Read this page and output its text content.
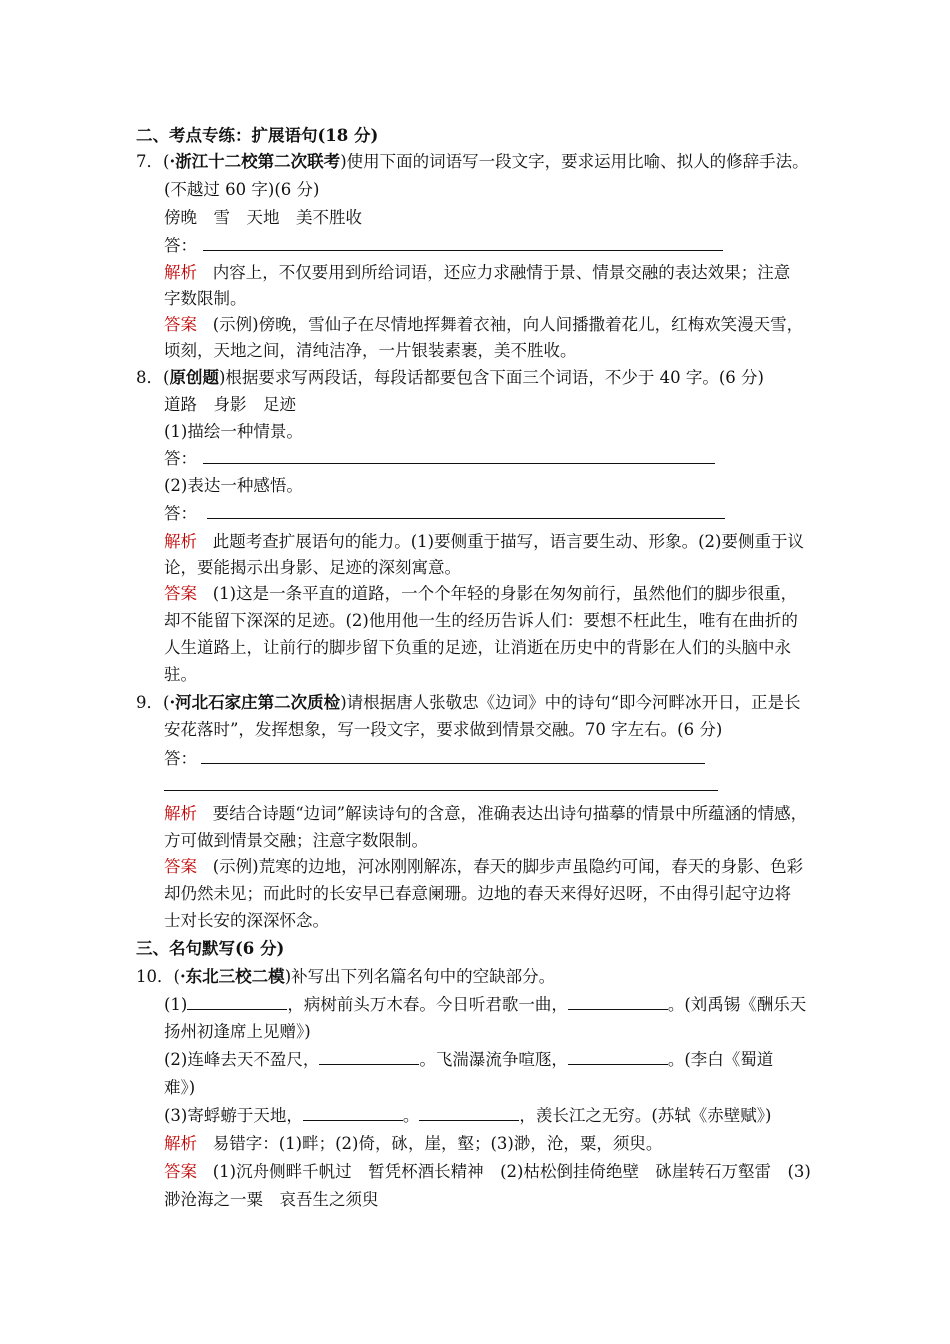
二、考点专练：扩展语句(18 分)
7．(·浙江十二校第二次联考)使用下面的词语写一段文字，要求运用比喻、拟人的修辞手法。
(不越过 60 字)(6 分)
傍晚　雪　天地　美不胜收
答：
解析 内容上，不仅要用到所给词语，还应力求融情于景、情景交融的表达效果；注意
字数限制。
答案 (示例)傍晚，雪仙子在尽情地挥舞着衣袖，向人间播撒着花儿，红梅欢笑漫天雪，
顷刻，天地之间，清纯洁净，一片银装素裹，美不胜收。
8．(原创题)根据要求写两段话，每段话都要包含下面三个词语，不少于 40 字。(6 分)
道路　身影　足迹
(1)描绘一种情景。
答：
(2)表达一种感悟。
答：
解析 此题考查扩展语句的能力。(1)要侧重于描写，语言要生动、形象。(2)要侧重于议
论，要能揭示出身影、足迹的深刻寓意。
答案 (1)这是一条平直的道路，一个个年轻的身影在匆匆前行，虽然他们的脚步很重，
却不能留下深深的足迹。(2)他用他一生的经历告诉人们：要想不枉此生，唯有在曲折的
人生道路上，让前行的脚步留下负重的足迹，让消逝在历史中的背影在人们的头脑中永
驻。
9．(·河北石家庄第二次质检)请根据唐人张敬忠《边词》中的诗句“即今河畔冰开日，正是长
安花落时”，发挥想象，写一段文字，要求做到情景交融。70 字左右。(6 分)
答：
解析 要结合诗题“边词”解读诗句的含意，准确表达出诗句描摹的情景中所蕴涵的情感，
方可做到情景交融；注意字数限制。
答案 (示例)荒寒的边地，河冰刚刚解冻，春天的脚步声虽隐约可闻，春天的身影、色彩
却仍然未见；而此时的长安早已春意阑珊。边地的春天来得好迟呀，不由得引起守边将
士对长安的深深怀念。
三、名句默写(6 分)
10．(·东北三校二模)补写出下列名篇名句中的空缺部分。
(1)	，病树前头万木春。今日听君歌一曲，	。(刘禹锡《酬乐天
扬州初逢席上见赠》)
(2)连峰去天不盈尺，	。飞湍瀑流争喧豗，	。(李白《蜀道
难》)
(3)寄蜉蝣于天地，	。	，羡长江之无穷。(苏轼《赤壁赋》)
解析 易错字：(1)畔；(2)倚，砯，崖，壑；(3)渺，沧，粟，须臾。
答案 (1)沉舟侧畔千帆过　暂凭杯酒长精神　(2)枯松倒挂倚绝壁　砯崖转石万壑雷　(3)
渺沧海之一粟　哀吾生之须臾
